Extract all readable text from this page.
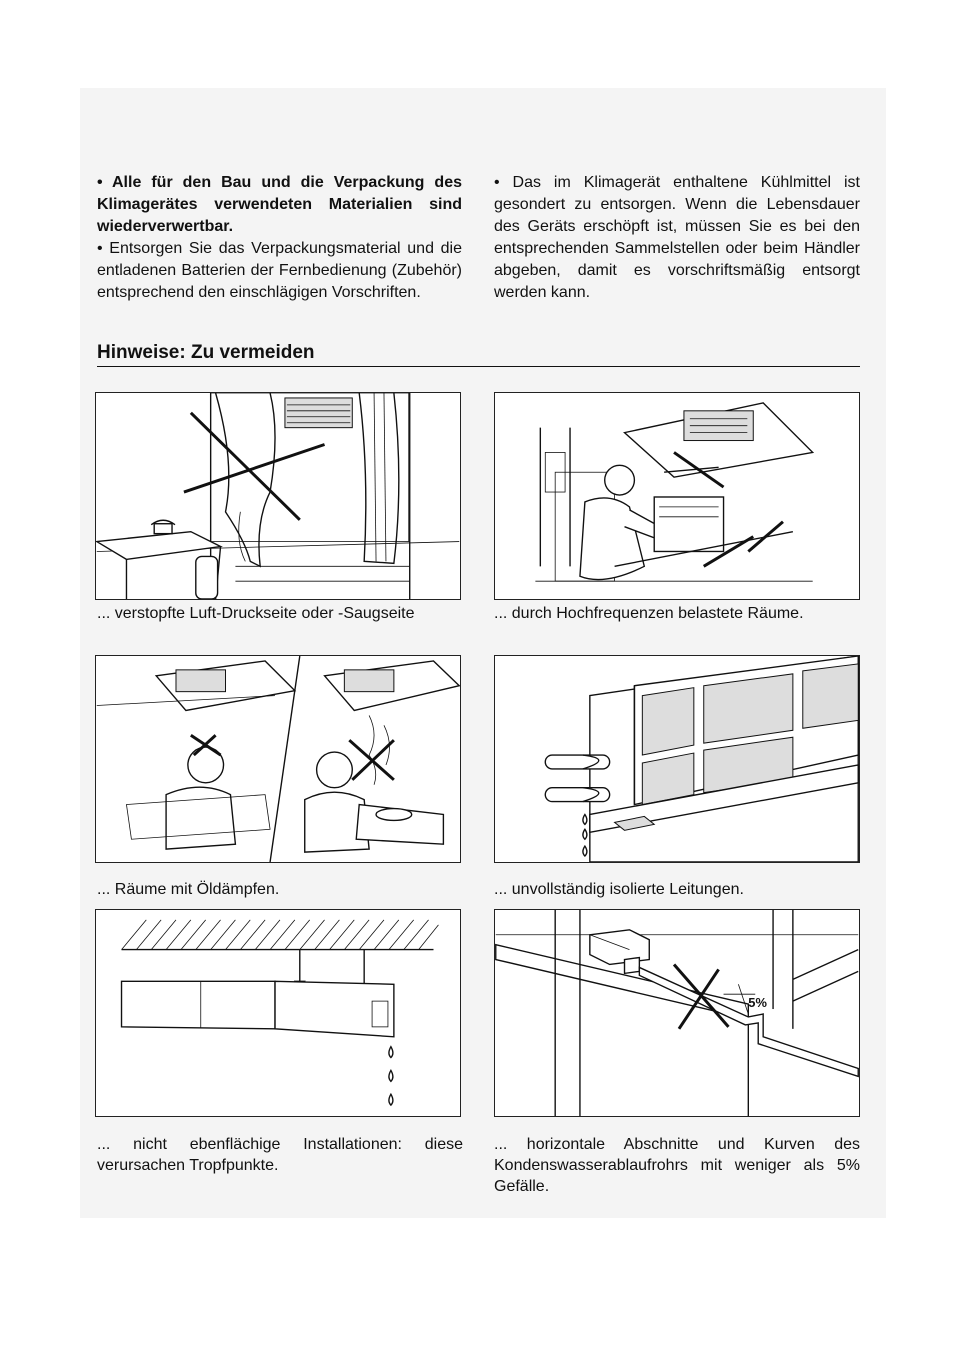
• Alle für den Bau und die Verpackung des Klimagerätes verwendeten Materialien sind wiederverwertbar.

• Entsorgen Sie das Verpackungsmaterial und die entladenen Batterien der Fernbedienung (Zubehör) entsprechend den einschlägigen Vorschriften.

• Das im Klimagerät enthaltene Kühlmittel ist gesondert zu entsorgen. Wenn die Lebensdauer des Geräts erschöpft ist, müssen Sie es bei den entsprechenden Sammelstellen oder beim Händler abgeben, damit es vorschriftsmäßig entsorgt werden kann.

Hinweise: Zu vermeiden
... verstopfte Luft-Druckseite oder -Saugseite	... durch Hochfrequenzen belastete Räume.
... Räume mit Öldämpfen.	... unvollständig isolierte Leitungen.
... nicht ebenflächige Installationen: diese verursachen Tropfpunkte.
5%
... horizontale Abschnitte und Kurven des Kondenswasserablaufrohrs mit weniger als 5% Gefälle.
